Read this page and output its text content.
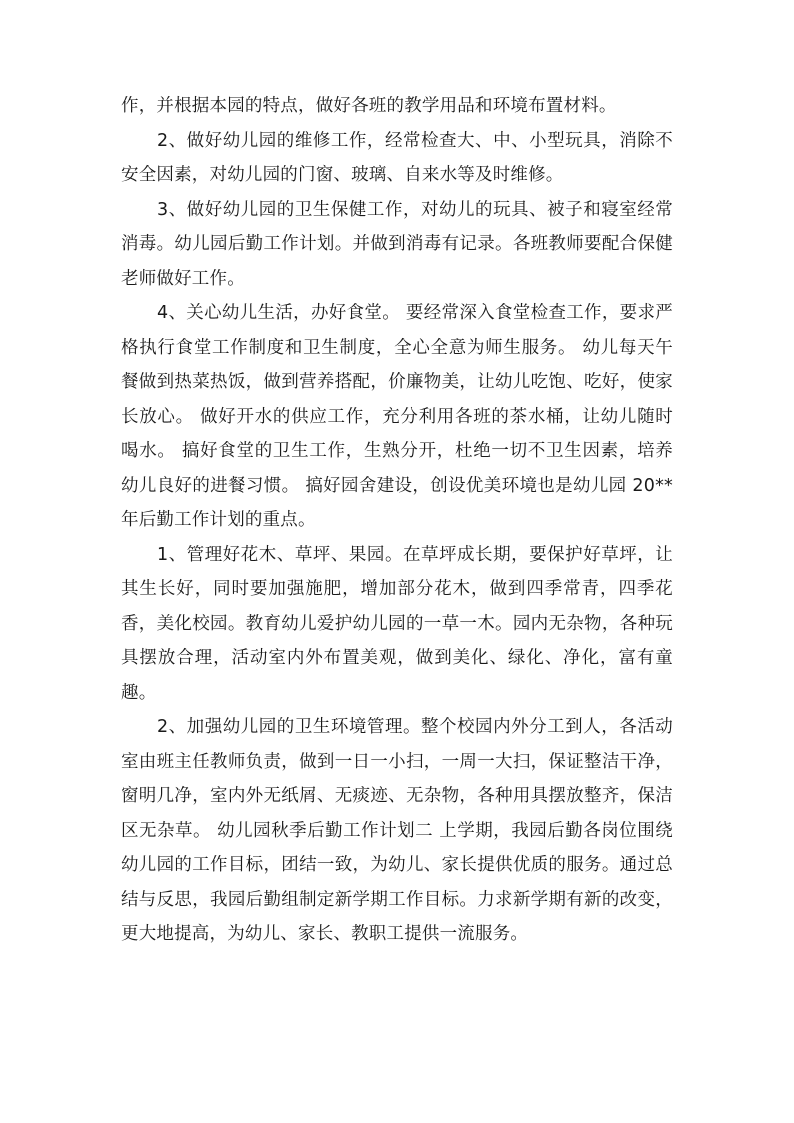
作，并根据本园的特点，做好各班的教学用品和环境布置材料。

2、做好幼儿园的维修工作，经常检查大、中、小型玩具，消除不安全因素，对幼儿园的门窗、玻璃、自来水等及时维修。

3、做好幼儿园的卫生保健工作，对幼儿的玩具、被子和寝室经常消毒。幼儿园后勤工作计划。并做到消毒有记录。各班教师要配合保健老师做好工作。

4、关心幼儿生活，办好食堂。 要经常深入食堂检查工作，要求严格执行食堂工作制度和卫生制度，全心全意为师生服务。 幼儿每天午餐做到热菜热饭，做到营养搭配，价廉物美，让幼儿吃饱、吃好，使家长放心。 做好开水的供应工作，充分利用各班的茶水桶，让幼儿随时喝水。 搞好食堂的卫生工作，生熟分开，杜绝一切不卫生因素，培养幼儿良好的进餐习惯。 搞好园舍建设，创设优美环境也是幼儿园 20**年后勤工作计划的重点。

1、管理好花木、草坪、果园。在草坪成长期，要保护好草坪，让其生长好，同时要加强施肥，增加部分花木，做到四季常青，四季花香，美化校园。教育幼儿爱护幼儿园的一草一木。园内无杂物，各种玩具摆放合理，活动室内外布置美观，做到美化、绿化、净化，富有童趣。

2、加强幼儿园的卫生环境管理。整个校园内外分工到人，各活动室由班主任教师负责，做到一日一小扫，一周一大扫，保证整洁干净，窗明几净，室内外无纸屑、无痰迹、无杂物，各种用具摆放整齐，保洁区无杂草。 幼儿园秋季后勤工作计划二 上学期，我园后勤各岗位围绕幼儿园的工作目标，团结一致，为幼儿、家长提供优质的服务。通过总结与反思，我园后勤组制定新学期工作目标。力求新学期有新的改变，更大地提高，为幼儿、家长、教职工提供一流服务。
